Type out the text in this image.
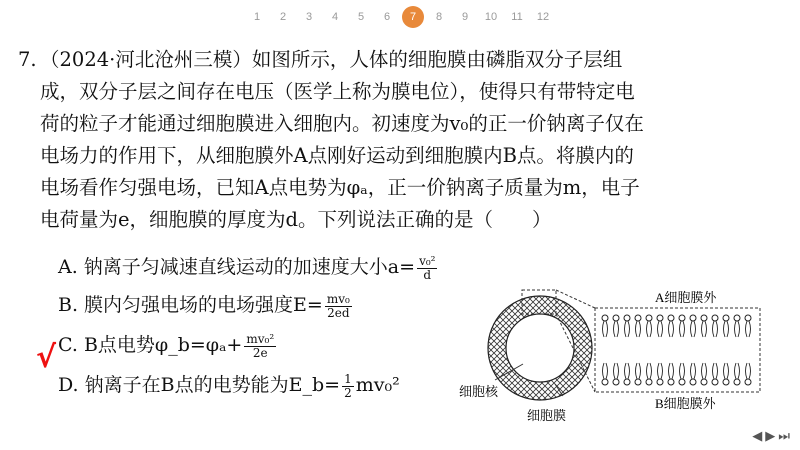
1	2	3	4	5	6	7	8	9	10	11	12
7. （2024·河北沧州三模）如图所示，人体的细胞膜由磷脂双分子层组
成，双分子层之间存在电压（医学上称为膜电位），使得只有带特定电
荷的粒子才能通过细胞膜进入细胞内。初速度为v₀的正一价钠离子仅在
电场力的作用下，从细胞膜外A点刚好运动到细胞膜内B点。将膜内的
电场看作匀强电场，已知A点电势为φₐ，正一价钠离子质量为m，电子
电荷量为e，细胞膜的厚度为d。下列说法正确的是（　　）
A. 钠离子匀减速直线运动的加速度大小$a= \frac{\text{v₀²}}{d}$
B. 膜内匀强电场的电场强度$E= \frac{\text{mv₀}}{2ed}$
C. B点电势φ_b=φₐ+ $\frac{\text{mv₀²}}{2e}$
D. 钠离子在B点的电势能为E_b= $\frac{1}{2} mv_0^2$
√
细胞核
细胞膜
A细胞膜外
B细胞膜外
◀ ▶ ⏭
